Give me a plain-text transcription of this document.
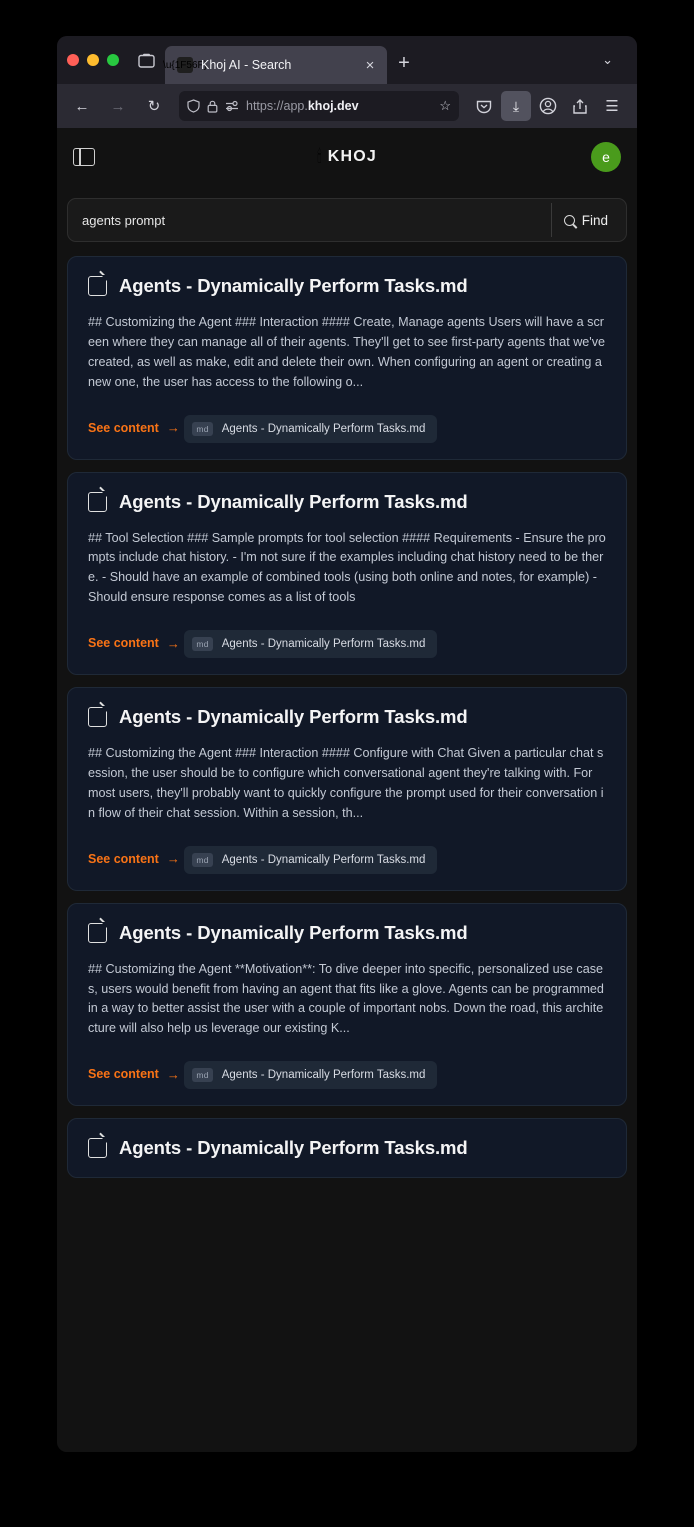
\u{1F56F}
Khoj AI - Search	×	+	⌄
←	→	↻	https://app.khoj.dev	☆	⤓	☰
🕯 KHOJ	e
agents prompt
Find
Agents - Dynamically Perform Tasks.md
## Customizing the Agent ### Interaction #### Create, Manage agents Users will have a screen where they can manage all of their agents. They'll get to see first-party agents that we've created, as well as make, edit and delete their own. When configuring an agent or creating a new one, the user has access to the following o...
See content →
	md	Agents - Dynamically Perform Tasks.md
Agents - Dynamically Perform Tasks.md
## Tool Selection ### Sample prompts for tool selection #### Requirements - Ensure the prompts include chat history. - I'm not sure if the examples including chat history need to be there. - Should have an example of combined tools (using both online and notes, for example) - Should ensure response comes as a list of tools
See content →
	md	Agents - Dynamically Perform Tasks.md
Agents - Dynamically Perform Tasks.md
## Customizing the Agent ### Interaction #### Configure with Chat Given a particular chat session, the user should be to configure which conversational agent they're talking with. For most users, they'll probably want to quickly configure the prompt used for their conversation in flow of their chat session. Within a session, th...
See content →
	md	Agents - Dynamically Perform Tasks.md
Agents - Dynamically Perform Tasks.md
## Customizing the Agent **Motivation**: To dive deeper into specific, personalized use cases, users would benefit from having an agent that fits like a glove. Agents can be programmed in a way to better assist the user with a couple of important nobs. Down the road, this architecture will also help us leverage our existing K...
See content →
	md	Agents - Dynamically Perform Tasks.md
Agents - Dynamically Perform Tasks.md
